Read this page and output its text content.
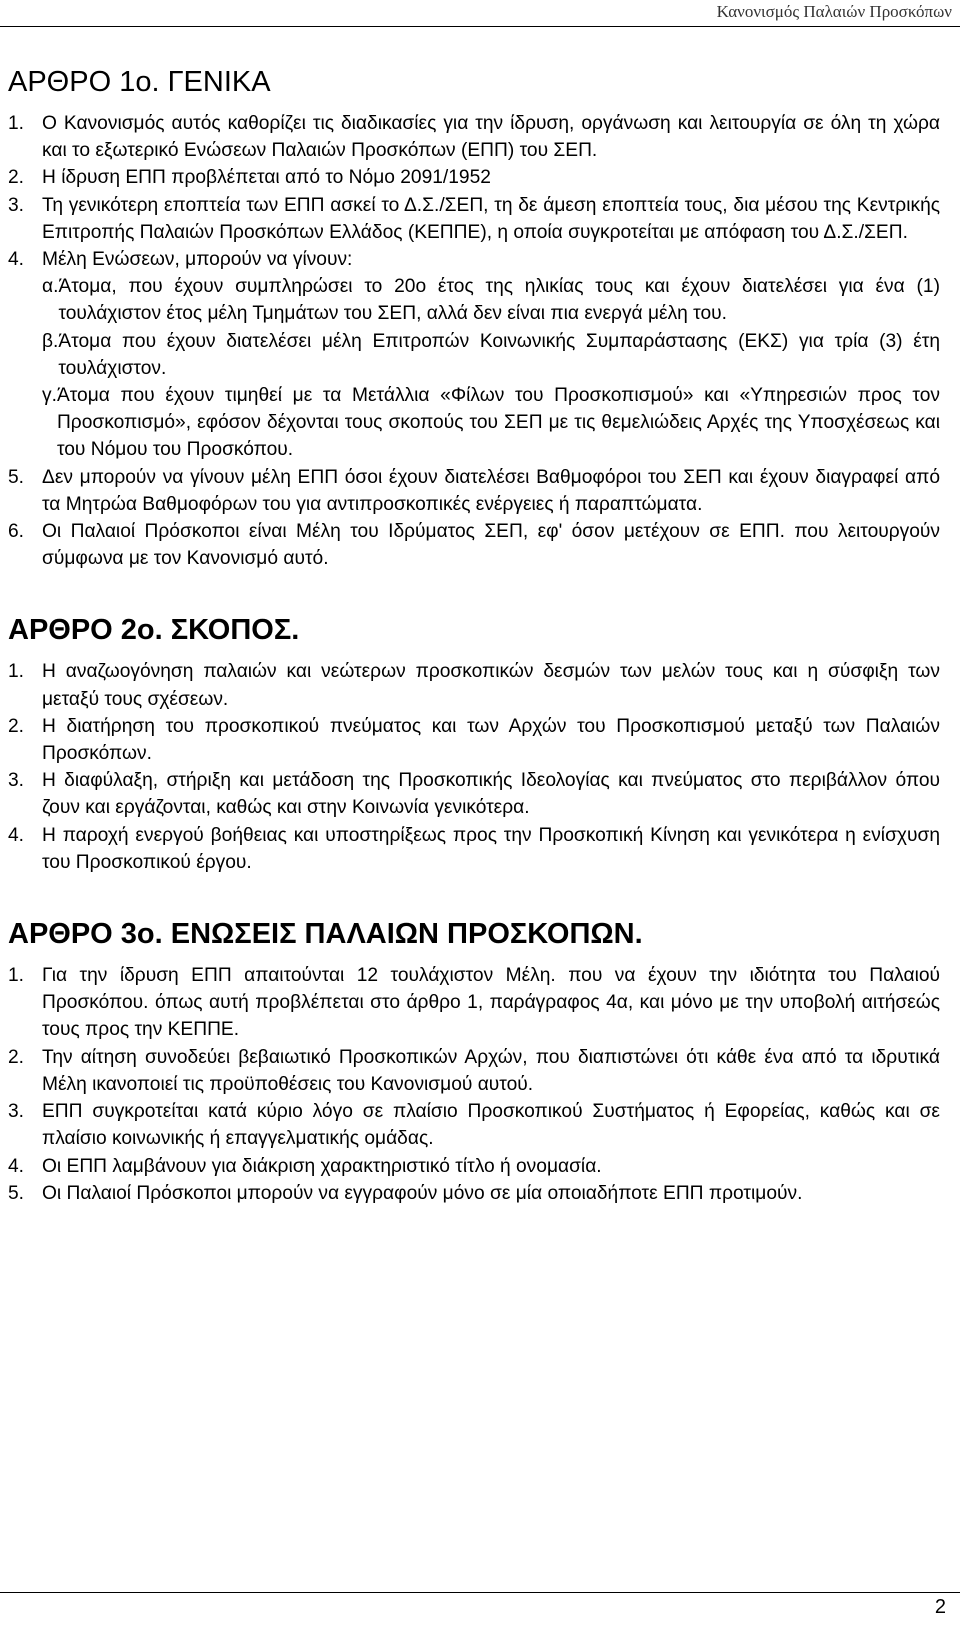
Κανονισμός Παλαιών Προσκόπων
ΑΡΘΡΟ 1ο. ΓΕΝΙΚΑ
1. Ο Κανονισμός αυτός καθορίζει τις διαδικασίες για την ίδρυση, οργάνωση και λειτουργία σε όλη τη χώρα και το εξωτερικό Ενώσεων Παλαιών Προσκόπων (ΕΠΠ) του ΣΕΠ.
2. Η ίδρυση ΕΠΠ προβλέπεται από το Νόμο 2091/1952
3. Τη γενικότερη εποπτεία των ΕΠΠ ασκεί το Δ.Σ./ΣΕΠ, τη δε άμεση εποπτεία τους, δια μέσου της Κεντρικής Επιτροπής Παλαιών Προσκόπων Ελλάδος (ΚΕΠΠΕ), η οποία συγκροτείται με απόφαση του Δ.Σ./ΣΕΠ.
4. Μέλη Ενώσεων, μπορούν να γίνουν:
α. Άτομα, που έχουν συμπληρώσει το 20ο έτος της ηλικίας τους και έχουν διατελέσει για ένα (1) τουλάχιστον έτος μέλη Τμημάτων του ΣΕΠ, αλλά δεν είναι πια ενεργά μέλη του.
β. Άτομα που έχουν διατελέσει μέλη Επιτροπών Κοινωνικής Συμπαράστασης (ΕΚΣ) για τρία (3) έτη τουλάχιστον.
γ. Άτομα που έχουν τιμηθεί με τα Μετάλλια «Φίλων του Προσκοπισμού» και «Υπηρεσιών προς τον Προσκοπισμό», εφόσον δέχονται τους σκοπούς του ΣΕΠ με τις θεμελιώδεις Αρχές της Υποσχέσεως και του Νόμου του Προσκόπου.
5. Δεν μπορούν να γίνουν μέλη ΕΠΠ όσοι έχουν διατελέσει Βαθμοφόροι του ΣΕΠ και έχουν διαγραφεί από τα Μητρώα Βαθμοφόρων του για αντιπροσκοπικές ενέργειες ή παραπτώματα.
6. Οι Παλαιοί Πρόσκοποι είναι Μέλη του Ιδρύματος ΣΕΠ, εφ' όσον μετέχουν σε ΕΠΠ. που λειτουργούν σύμφωνα με τον Κανονισμό αυτό.
ΑΡΘΡΟ 2ο. ΣΚΟΠΟΣ.
1. Η αναζωογόνηση παλαιών και νεώτερων προσκοπικών δεσμών των μελών τους και η σύσφιξη των μεταξύ τους σχέσεων.
2. Η διατήρηση του προσκοπικού πνεύματος και των Αρχών του Προσκοπισμού μεταξύ των Παλαιών Προσκόπων.
3. Η διαφύλαξη, στήριξη και μετάδοση της Προσκοπικής Ιδεολογίας και πνεύματος στο περιβάλλον όπου ζουν και εργάζονται, καθώς και στην Κοινωνία γενικότερα.
4. Η παροχή ενεργού βοήθειας και υποστηρίξεως προς την Προσκοπική Κίνηση και γενικότερα η ενίσχυση του Προσκοπικού έργου.
ΑΡΘΡΟ 3ο. ΕΝΩΣΕΙΣ ΠΑΛΑΙΩΝ ΠΡΟΣΚΟΠΩΝ.
1. Για την ίδρυση ΕΠΠ απαιτούνται 12 τουλάχιστον Μέλη. που να έχουν την ιδιότητα του Παλαιού Προσκόπου. όπως αυτή προβλέπεται στο άρθρο 1, παράγραφος 4α, και μόνο με την υποβολή αιτήσεώς τους προς την ΚΕΠΠΕ.
2. Την αίτηση συνοδεύει βεβαιωτικό Προσκοπικών Αρχών, που διαπιστώνει ότι κάθε ένα από τα ιδρυτικά Μέλη ικανοποιεί τις προϋποθέσεις του Κανονισμού αυτού.
3. ΕΠΠ συγκροτείται κατά κύριο λόγο σε πλαίσιο Προσκοπικού Συστήματος ή Εφορείας, καθώς και σε πλαίσιο κοινωνικής ή επαγγελματικής ομάδας.
4. Οι ΕΠΠ λαμβάνουν για διάκριση χαρακτηριστικό τίτλο ή ονομασία.
5. Οι Παλαιοί Πρόσκοποι μπορούν να εγγραφούν μόνο σε μία οποιαδήποτε ΕΠΠ προτιμούν.
2
